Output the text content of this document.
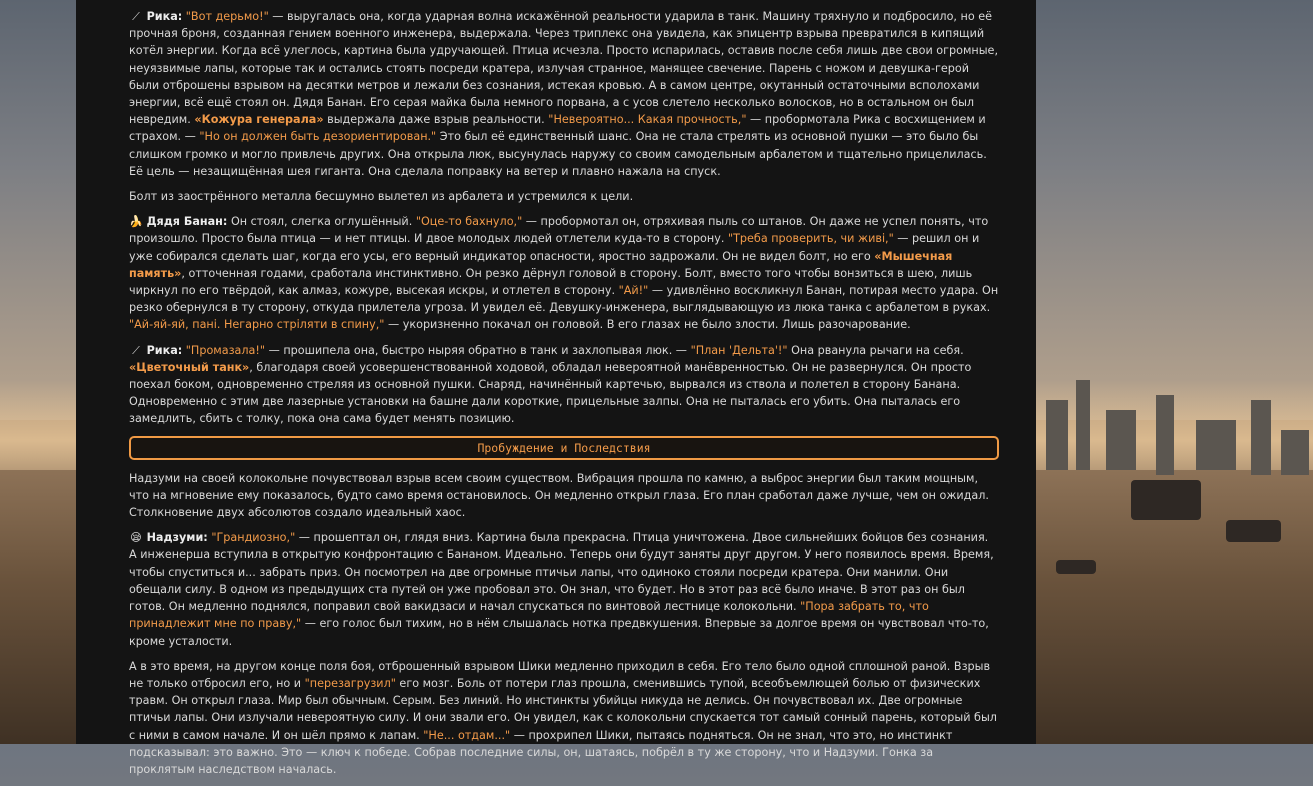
⟋ Рика: "Вот дерьмо!" — выругалась она, когда ударная волна искажённой реальности ударила в танк. Машину тряхнуло и подбросило, но её прочная броня, созданная гением военного инженера, выдержала. Через триплекс она увидела, как эпицентр взрыва превратился в кипящий котёл энергии. Когда всё улеглось, картина была удручающей. Птица исчезла. Просто испарилась, оставив после себя лишь две свои огромные, неуязвимые лапы, которые так и остались стоять посреди кратера, излучая странное, манящее свечение. Парень с ножом и девушка-герой были отброшены взрывом на десятки метров и лежали без сознания, истекая кровью. А в самом центре, окутанный остаточными всполохами энергии, всё ещё стоял он. Дядя Банан. Его серая майка была немного порвана, а с усов слетело несколько волосков, но в остальном он был невредим. «Кожура генерала» выдержала даже взрыв реальности. "Невероятно... Какая прочность," — пробормотала Рика с восхищением и страхом. — "Но он должен быть дезориентирован." Это был её единственный шанс. Она не стала стрелять из основной пушки — это было бы слишком громко и могло привлечь других. Она открыла люк, высунулась наружу со своим самодельным арбалетом и тщательно прицелилась. Её цель — незащищённая шея гиганта. Она сделала поправку на ветер и плавно нажала на спуск.

Болт из заострённого металла бесшумно вылетел из арбалета и устремился к цели.

🍌 Дядя Банан: Он стоял, слегка оглушённый. "Оце-то бахнуло," — пробормотал он, отряхивая пыль со штанов. Он даже не успел понять, что произошло. Просто была птица — и нет птицы. И двое молодых людей отлетели куда-то в сторону. "Треба проверить, чи живі," — решил он и уже собирался сделать шаг, когда его усы, его верный индикатор опасности, яростно задрожали. Он не видел болт, но его «Мышечная память», отточенная годами, сработала инстинктивно. Он резко дёрнул головой в сторону. Болт, вместо того чтобы вонзиться в шею, лишь чиркнул по его твёрдой, как алмаз, кожуре, высекая искры, и отлетел в сторону. "Ай!" — удивлённо воскликнул Банан, потирая место удара. Он резко обернулся в ту сторону, откуда прилетела угроза. И увидел её. Девушку-инженера, выглядывающую из люка танка с арбалетом в руках. "Ай-яй-яй, пані. Негарно стріляти в спину," — укоризненно покачал он головой. В его глазах не было злости. Лишь разочарование.

⟋ Рика: "Промазала!" — прошипела она, быстро ныряя обратно в танк и захлопывая люк. — "План 'Дельта'!" Она рванула рычаги на себя. «Цветочный танк», благодаря своей усовершенствованной ходовой, обладал невероятной манёвренностью. Он не развернулся. Он просто поехал боком, одновременно стреляя из основной пушки. Снаряд, начинённый картечью, вырвался из ствола и полетел в сторону Банана. Одновременно с этим две лазерные установки на башне дали короткие, прицельные залпы. Она не пыталась его убить. Она пыталась его замедлить, сбить с толку, пока она сама будет менять позицию.

Пробуждение и Последствия

Надзуми на своей колокольне почувствовал взрыв всем своим существом. Вибрация прошла по камню, а выброс энергии был таким мощным, что на мгновение ему показалось, будто само время остановилось. Он медленно открыл глаза. Его план сработал даже лучше, чем он ожидал. Столкновение двух абсолютов создало идеальный хаос.

😪 Надзуми: "Грандиозно," — прошептал он, глядя вниз. Картина была прекрасна. Птица уничтожена. Двое сильнейших бойцов без сознания. А инженерша вступила в открытую конфронтацию с Бананом. Идеально. Теперь они будут заняты друг другом. У него появилось время. Время, чтобы спуститься и... забрать приз. Он посмотрел на две огромные птичьи лапы, что одиноко стояли посреди кратера. Они манили. Они обещали силу. В одном из предыдущих ста путей он уже пробовал это. Он знал, что будет. Но в этот раз всё было иначе. В этот раз он был готов. Он медленно поднялся, поправил свой вакидзаси и начал спускаться по винтовой лестнице колокольни. "Пора забрать то, что принадлежит мне по праву," — его голос был тихим, но в нём слышалась нотка предвкушения. Впервые за долгое время он чувствовал что-то, кроме усталости.

А в это время, на другом конце поля боя, отброшенный взрывом Шики медленно приходил в себя. Его тело было одной сплошной раной. Взрыв не только отбросил его, но и "перезагрузил" его мозг. Боль от потери глаз прошла, сменившись тупой, всеобъемлющей болью от физических травм. Он открыл глаза. Мир был обычным. Серым. Без линий. Но инстинкты убийцы никуда не делись. Он почувствовал их. Две огромные птичьи лапы. Они излучали невероятную силу. И они звали его. Он увидел, как с колокольни спускается тот самый сонный парень, который был с ними в самом начале. И он шёл прямо к лапам. "Не... отдам..." — прохрипел Шики, пытаясь подняться. Он не знал, что это, но инстинкт подсказывал: это важно. Это — ключ к победе. Собрав последние силы, он, шатаясь, побрёл в ту же сторону, что и Надзуми. Гонка за проклятым наследством началась.
